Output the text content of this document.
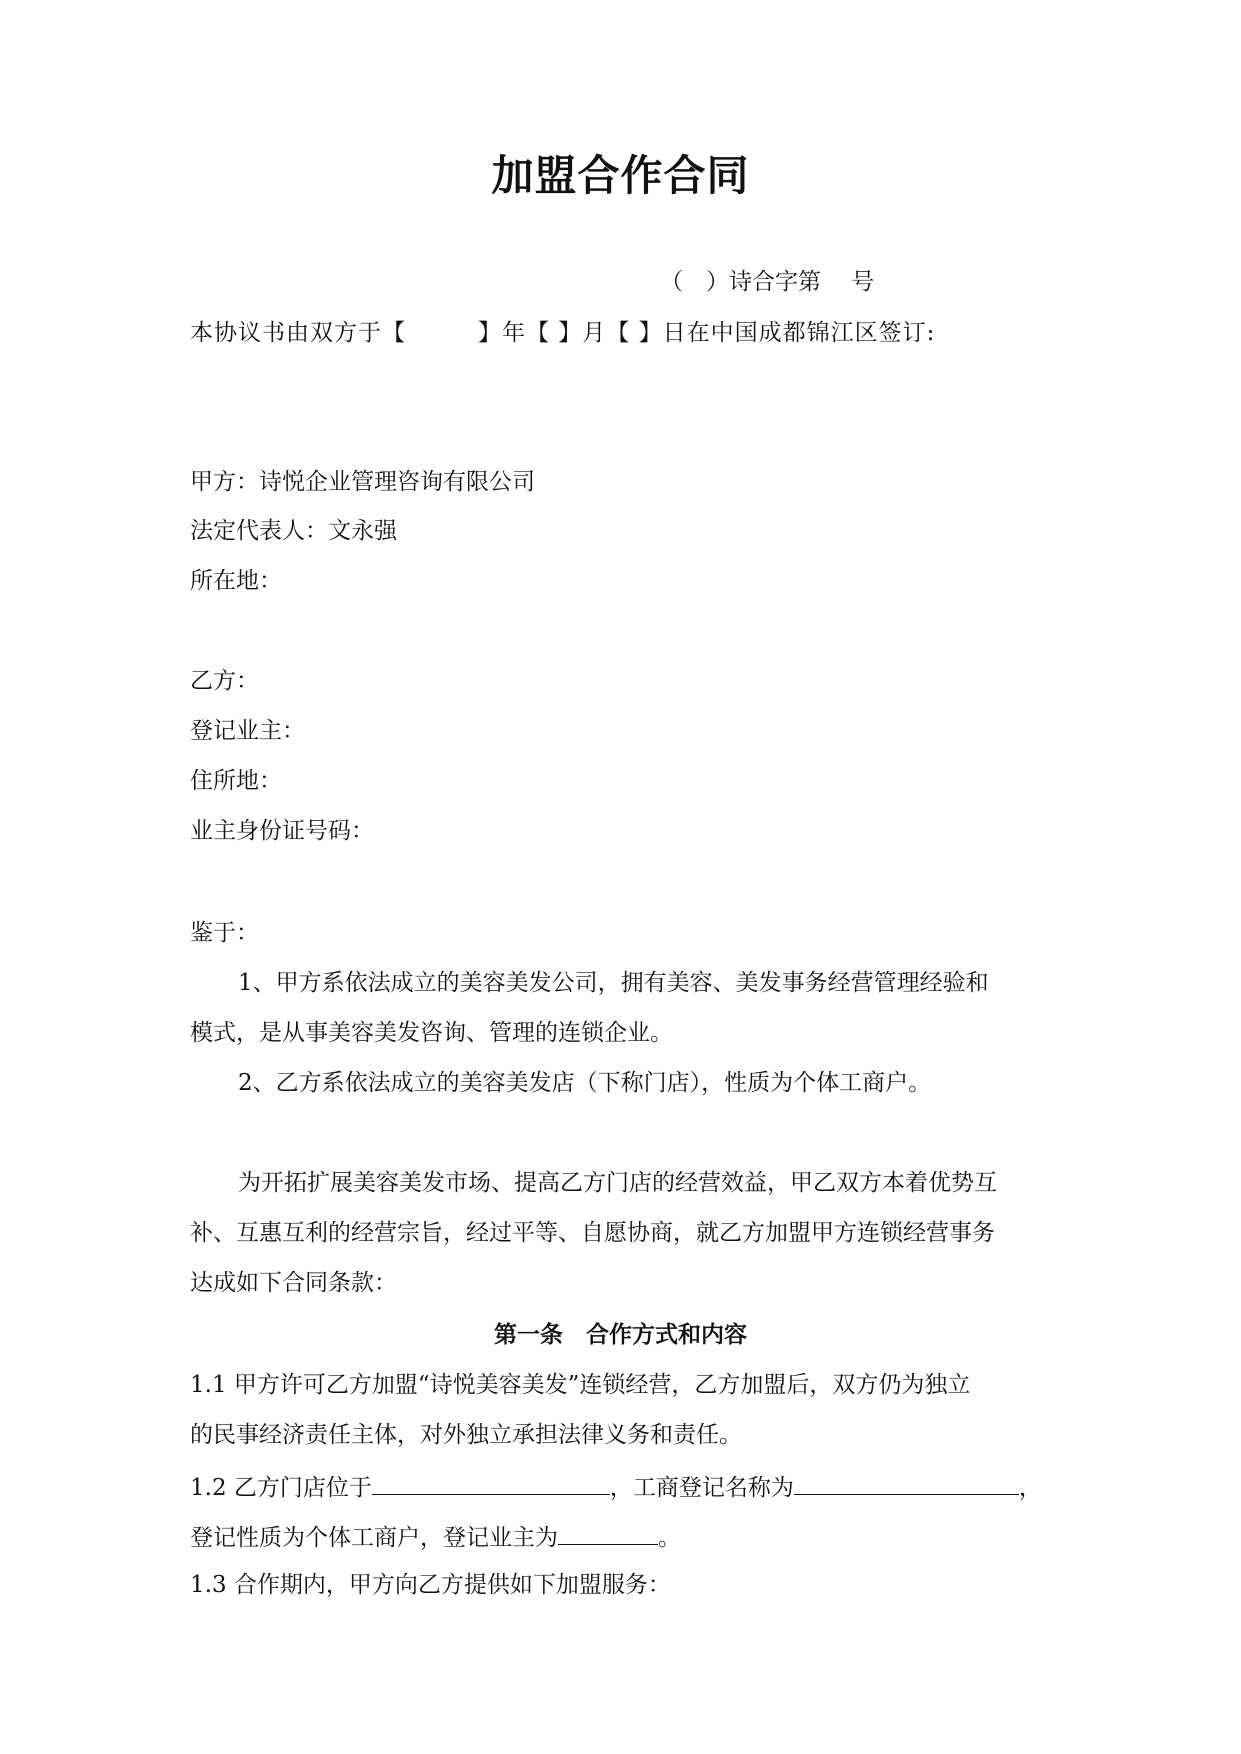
加盟合作合同
（　）诗合字第　 号
本协议书由双方于【　　　】年【 】月【 】日在中国成都锦江区签订:
甲方：诗悦企业管理咨询有限公司
法定代表人：文永强
所在地：
乙方：
登记业主：
住所地：
业主身份证号码：
鉴于：
1、甲方系依法成立的美容美发公司，拥有美容、美发事务经营管理经验和
模式，是从事美容美发咨询、管理的连锁企业。
2、乙方系依法成立的美容美发店（下称门店），性质为个体工商户。
为开拓扩展美容美发市场、提高乙方门店的经营效益，甲乙双方本着优势互
补、互惠互利的经营宗旨，经过平等、自愿协商，就乙方加盟甲方连锁经营事务
达成如下合同条款：
第一条　合作方式和内容
1.1 甲方许可乙方加盟“诗悦美容美发”连锁经营，乙方加盟后，双方仍为独立
的民事经济责任主体，对外独立承担法律义务和责任。
1.2 乙方门店位于	，工商登记名称为	，
登记性质为个体工商户，登记业主为	。
1.3 合作期内，甲方向乙方提供如下加盟服务：
